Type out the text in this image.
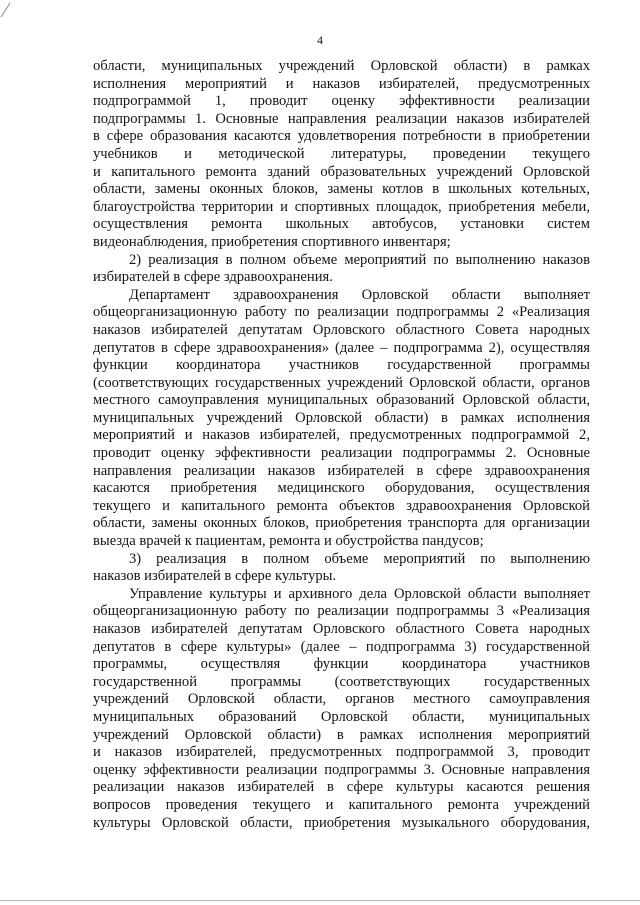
4
области, муниципальных учреждений Орловской области) в рамках
исполнения мероприятий и наказов избирателей, предусмотренных
подпрограммой 1, проводит оценку эффективности реализации
подпрограммы 1. Основные направления реализации наказов избирателей
в сфере образования касаются удовлетворения потребности в приобретении
учебников и методической литературы, проведении текущего
и капитального ремонта зданий образовательных учреждений Орловской
области, замены оконных блоков, замены котлов в школьных котельных,
благоустройства территории и спортивных площадок, приобретения мебели,
осуществления ремонта школьных автобусов, установки систем
видеонаблюдения, приобретения спортивного инвентаря;
2) реализация в полном объеме мероприятий по выполнению наказов
избирателей в сфере здравоохранения.
Департамент здравоохранения Орловской области выполняет
общеорганизационную работу по реализации подпрограммы 2 «Реализация
наказов избирателей депутатам Орловского областного Совета народных
депутатов в сфере здравоохранения» (далее – подпрограмма 2), осуществляя
функции координатора участников государственной программы
(соответствующих государственных учреждений Орловской области, органов
местного самоуправления муниципальных образований Орловской области,
муниципальных учреждений Орловской области) в рамках исполнения
мероприятий и наказов избирателей, предусмотренных подпрограммой 2,
проводит оценку эффективности реализации подпрограммы 2. Основные
направления реализации наказов избирателей в сфере здравоохранения
касаются приобретения медицинского оборудования, осуществления
текущего и капитального ремонта объектов здравоохранения Орловской
области, замены оконных блоков, приобретения транспорта для организации
выезда врачей к пациентам, ремонта и обустройства пандусов;
3) реализация в полном объеме мероприятий по выполнению
наказов избирателей в сфере культуры.
Управление культуры и архивного дела Орловской области выполняет
общеорганизационную работу по реализации подпрограммы 3 «Реализация
наказов избирателей депутатам Орловского областного Совета народных
депутатов в сфере культуры» (далее – подпрограмма 3) государственной
программы, осуществляя функции координатора участников
государственной программы (соответствующих государственных
учреждений Орловской области, органов местного самоуправления
муниципальных образований Орловской области, муниципальных
учреждений Орловской области) в рамках исполнения мероприятий
и наказов избирателей, предусмотренных подпрограммой 3, проводит
оценку эффективности реализации подпрограммы 3. Основные направления
реализации наказов избирателей в сфере культуры касаются решения
вопросов проведения текущего и капитального ремонта учреждений
культуры Орловской области, приобретения музыкального оборудования,
